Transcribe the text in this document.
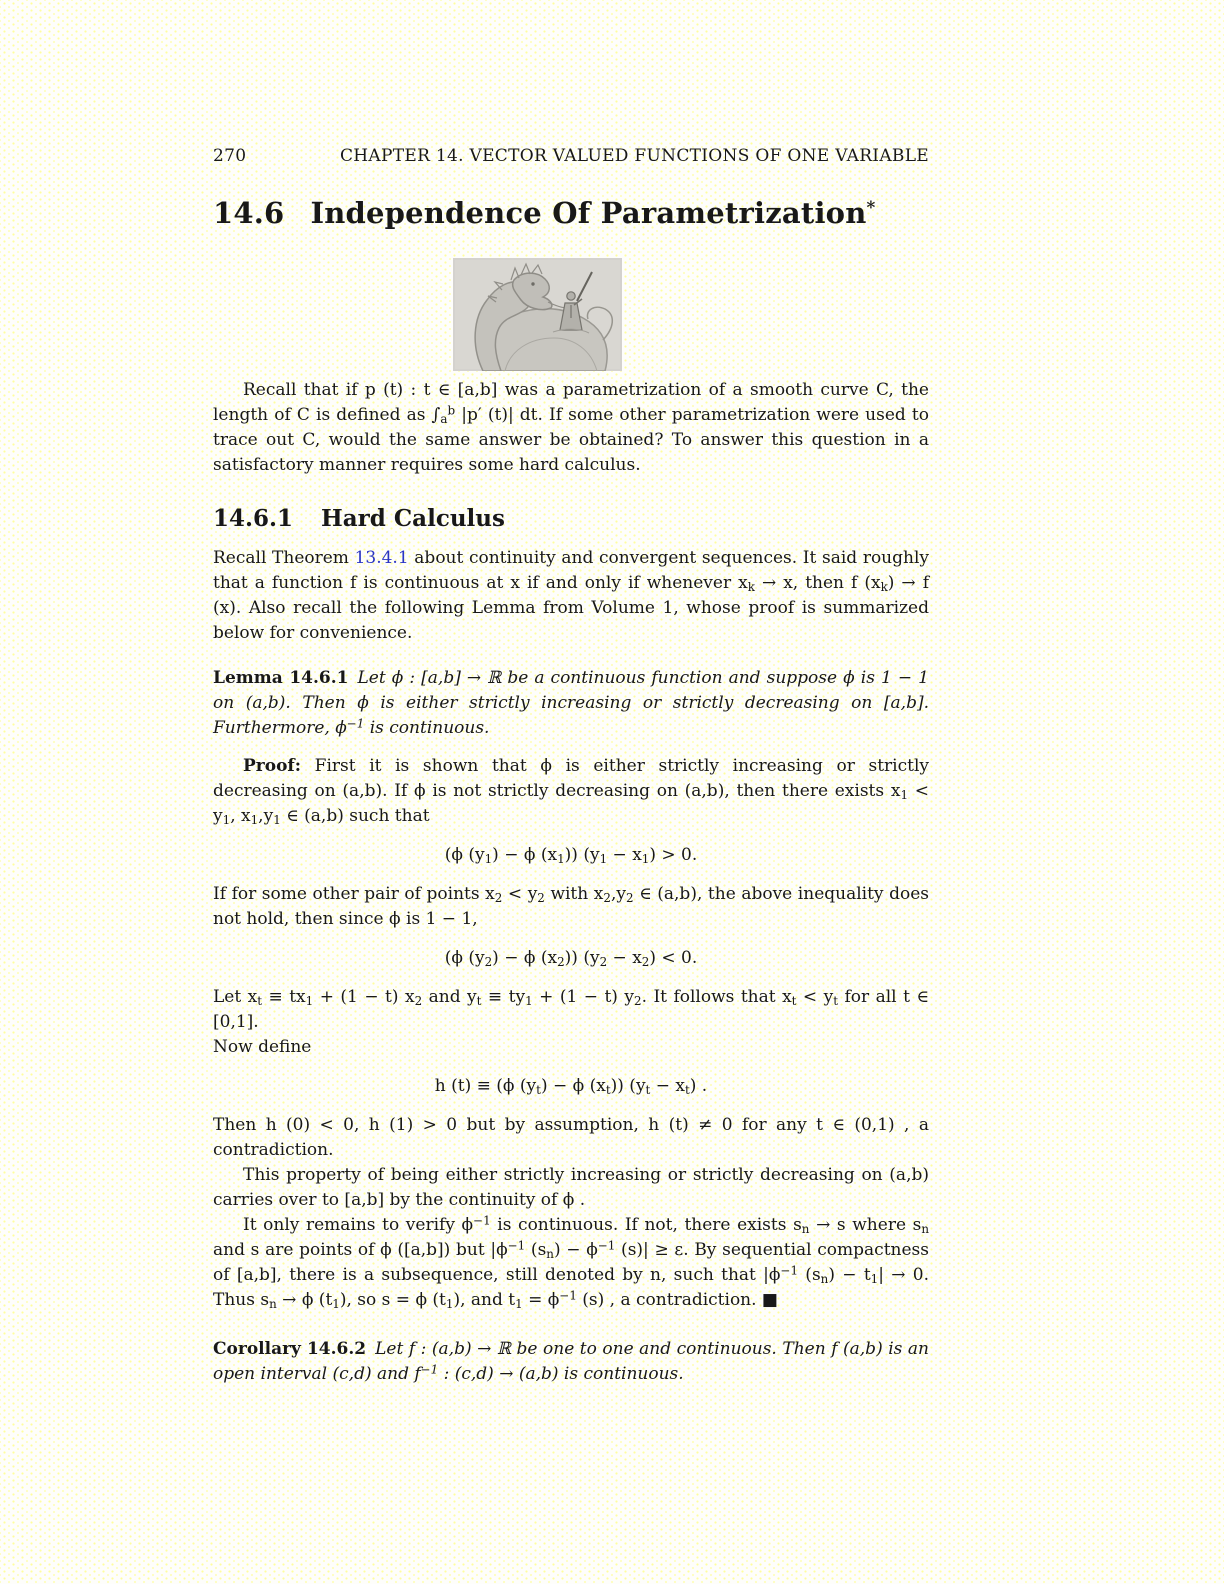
270	CHAPTER 14. VECTOR VALUED FUNCTIONS OF ONE VARIABLE
14.6 Independence Of Parametrization*

Recall that if p (t) : t ∈ [a,b] was a parametrization of a smooth curve C, the length of C is defined as $\int_a^b$ |p′ (t)| dt. If some other parametrization were used to trace out C, would the same answer be obtained? To answer this question in a satisfactory manner requires some hard calculus.

14.6.1 Hard Calculus

Recall Theorem 13.4.1 about continuity and convergent sequences. It said roughly that a function f is continuous at x if and only if whenever $x_k \to x$, then f $(x_k) \to f$ (x). Also recall the following Lemma from Volume 1, whose proof is summarized below for convenience.

Lemma 14.6.1 Let ϕ : [a,b] → ℝ be a continuous function and suppose ϕ is 1 − 1 on (a,b). Then ϕ is either strictly increasing or strictly decreasing on [a,b]. Furthermore, $\phi^{-1}$ is continuous.

Proof: First it is shown that ϕ is either strictly increasing or strictly decreasing on (a,b). If ϕ is not strictly decreasing on (a,b), then there exists $x_1 < y_1$, $x_1,y_1$ ∈ (a,b) such that

(ϕ $(y_1) - \phi$ $(x_1)$) $(y_1 - x_1) > 0$.

If for some other pair of points $x_2 < y_2$ with $x_2,y_2$ ∈ (a,b), the above inequality does not hold, then since ϕ is 1 − 1,

(ϕ $(y_2) - \phi$ $(x_2)$) $(y_2 - x_2) < 0$.

Let $x_t \equiv tx_1 + (1 - t)$ $x_2$ and $y_t \equiv ty_1 + (1 - t)$ $y_2$. It follows that $x_t < y_t$ for all t ∈ [0,1].

Now define

h (t) ≡ (ϕ $(y_t) - \phi$ $(x_t)$) $(y_t - x_t)$ .

Then h (0) < 0, h (1) > 0 but by assumption, h (t) ≠ 0 for any t ∈ (0,1) , a contradiction.

This property of being either strictly increasing or strictly decreasing on (a,b) carries over to [a,b] by the continuity of ϕ .

It only remains to verify $\phi^{-1}$ is continuous. If not, there exists $s_n \to s$ where $s_n$ and s are points of ϕ ([a,b]) but $|\phi^{-1}$ $(s_n) - \phi^{-1}$ (s)| ≥ ε. By sequential compactness of [a,b], there is a subsequence, still denoted by n, such that $|\phi^{-1}$ $(s_n) - t_1| \to 0$. Thus $s_n \to \phi$ $(t_1)$, so s = ϕ $(t_1)$, and $t_1 = \phi^{-1}$ (s) , a contradiction. ■

Corollary 14.6.2 Let f : (a,b) → ℝ be one to one and continuous. Then f (a,b) is an open interval (c,d) and $f^{-1}$ : (c,d) → (a,b) is continuous.
